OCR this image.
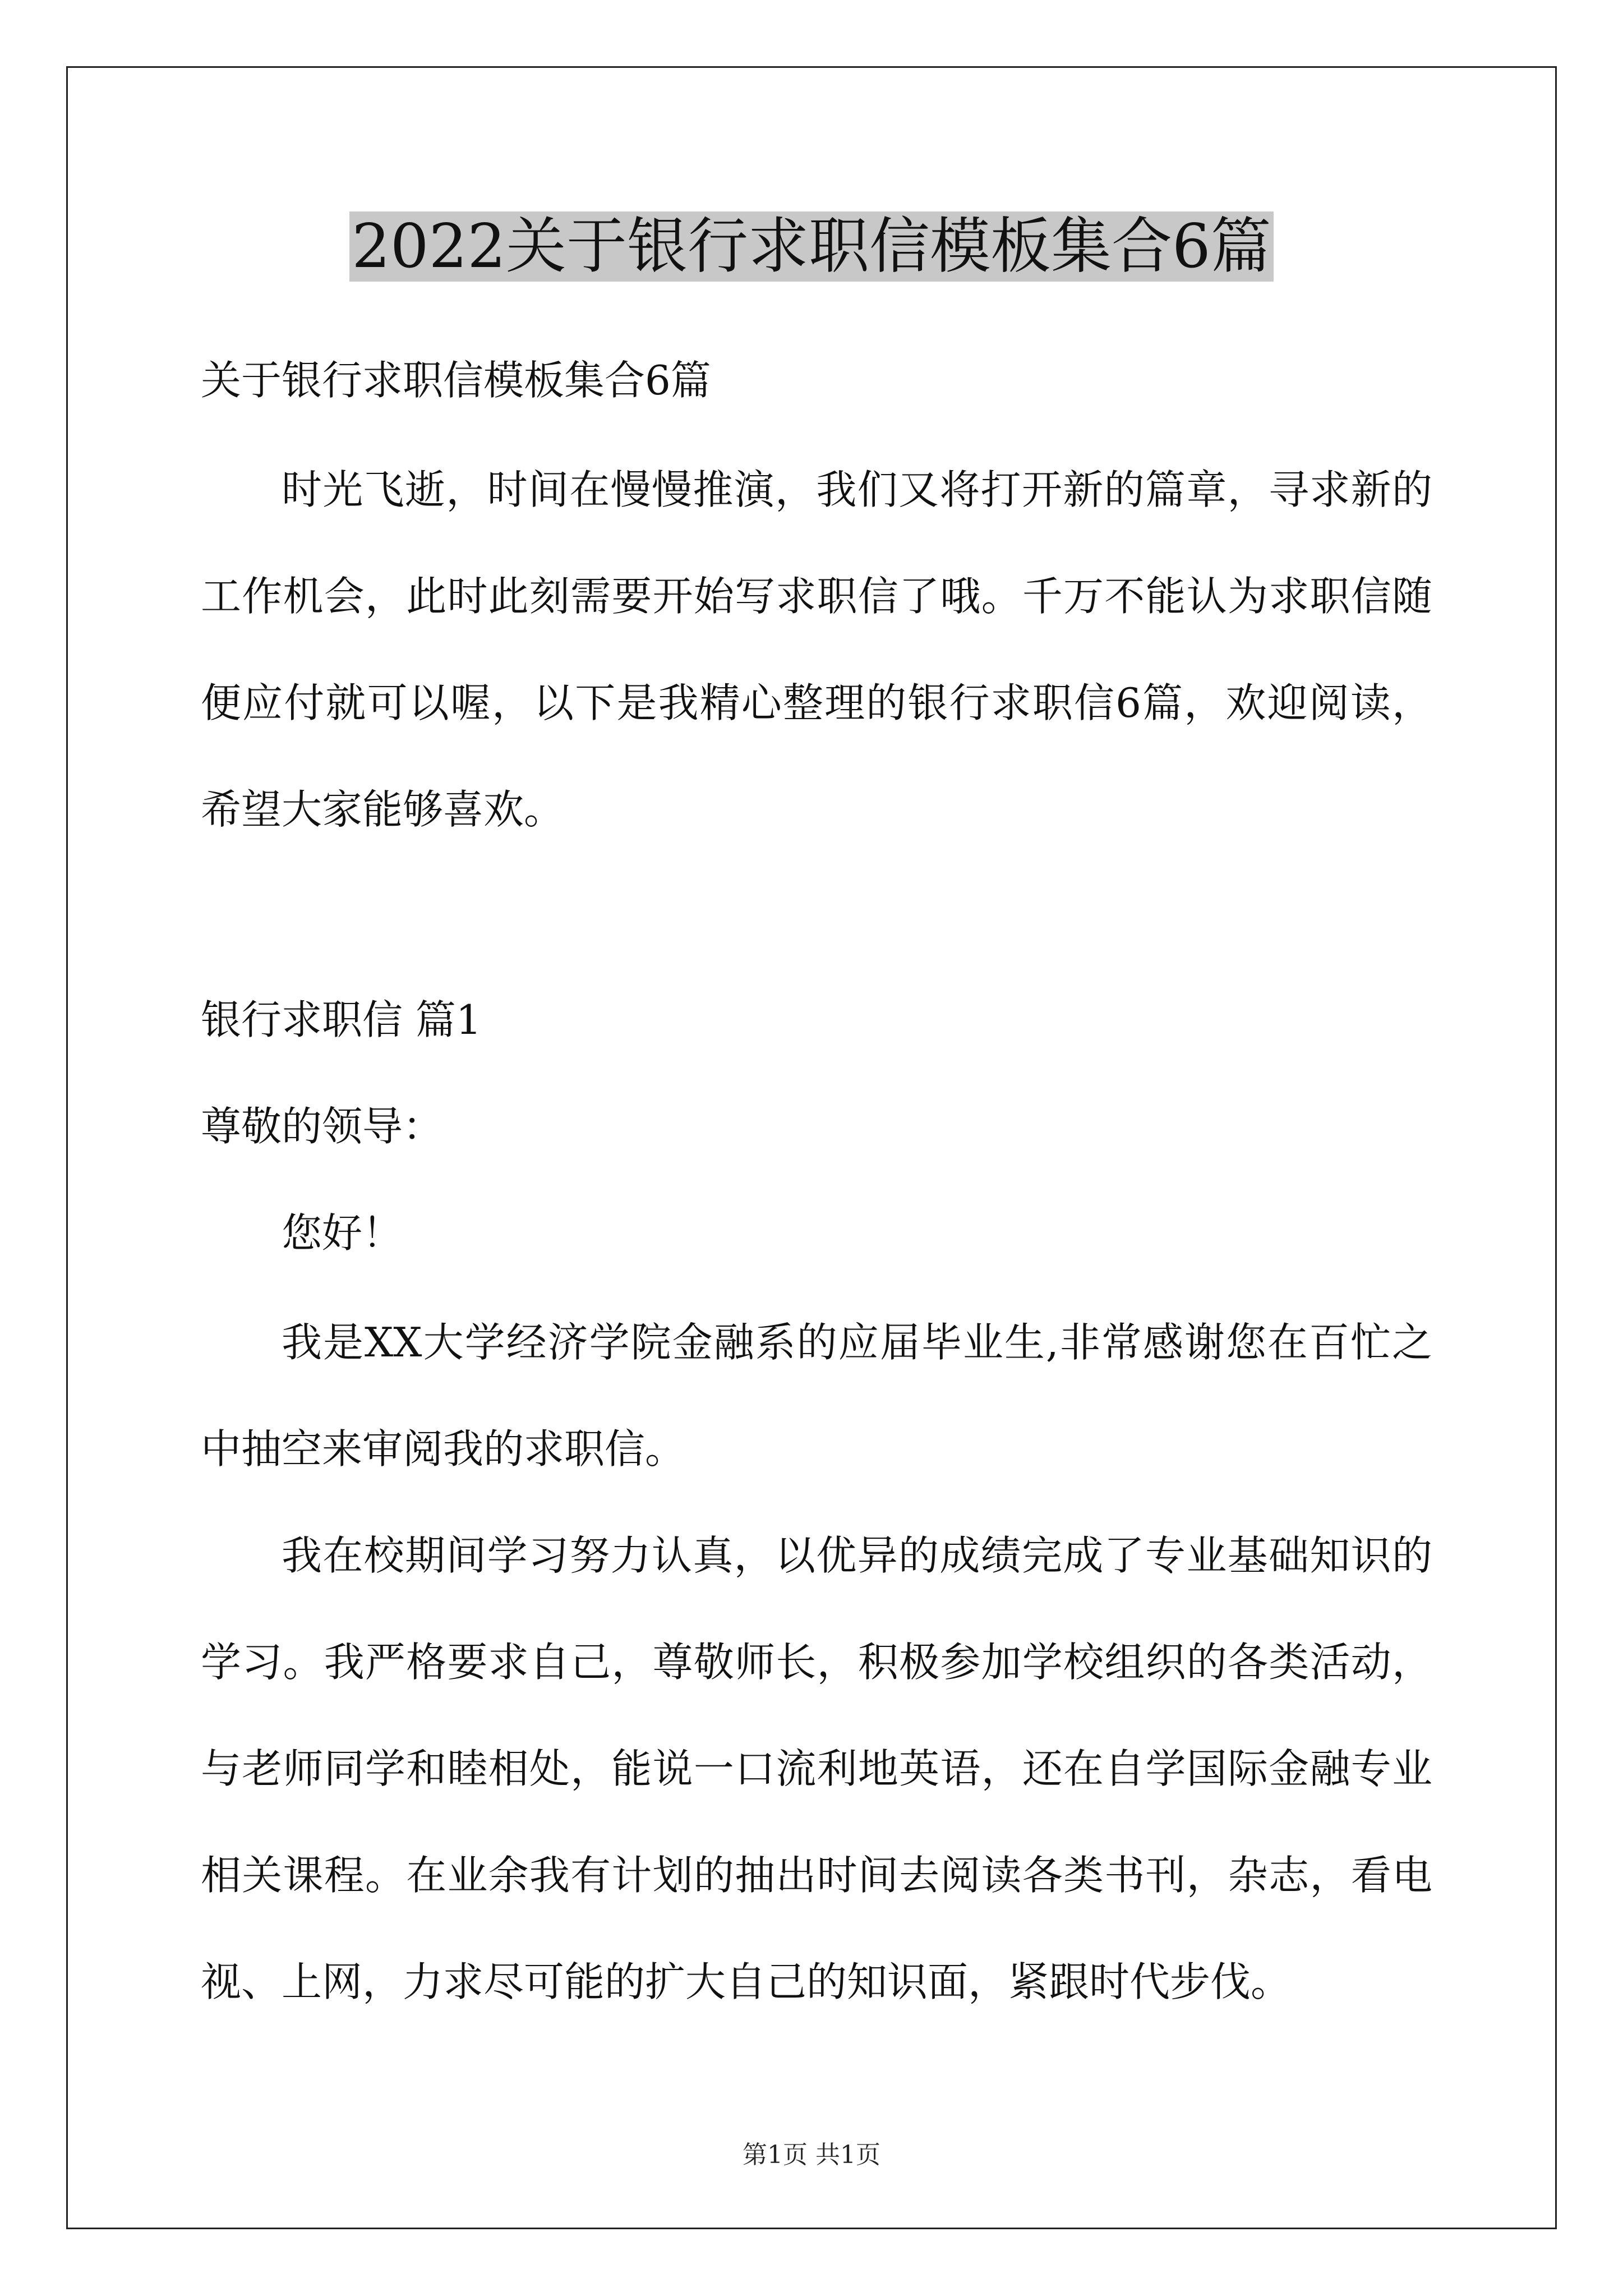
2022关于银行求职信模板集合6篇

关于银行求职信模板集合6篇

时光飞逝，时间在慢慢推演，我们又将打开新的篇章，寻求新的工作机会，此时此刻需要开始写求职信了哦。千万不能认为求职信随便应付就可以喔，以下是我精心整理的银行求职信6篇，欢迎阅读，希望大家能够喜欢。

银行求职信 篇1

尊敬的领导：

您好！

我是XX大学经济学院金融系的应届毕业生,非常感谢您在百忙之中抽空来审阅我的求职信。

我在校期间学习努力认真，以优异的成绩完成了专业基础知识的学习。我严格要求自己，尊敬师长，积极参加学校组织的各类活动，与老师同学和睦相处，能说一口流利地英语，还在自学国际金融专业相关课程。在业余我有计划的抽出时间去阅读各类书刊，杂志，看电视、上网，力求尽可能的扩大自己的知识面，紧跟时代步伐。

第1页 共1页
